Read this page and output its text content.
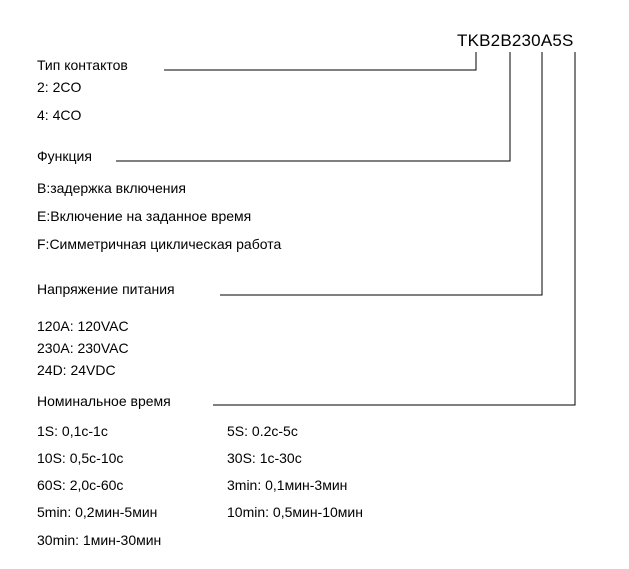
TKB2B230A5S
Тип контактов
2: 2CO
4: 4CO
Функция
B:задержка включения
E:Включение на заданное время
F:Симметричная циклическая работа
Напряжение питания
120A: 120VAC
230A: 230VAC
24D: 24VDC
Номинальное время
1S: 0,1c-1c
10S: 0,5c-10c
60S: 2,0c-60c
5min: 0,2мин-5мин
30min: 1мин-30мин
5S: 0.2c-5c
30S: 1c-30c
3min: 0,1мин-3мин
10min: 0,5мин-10мин
